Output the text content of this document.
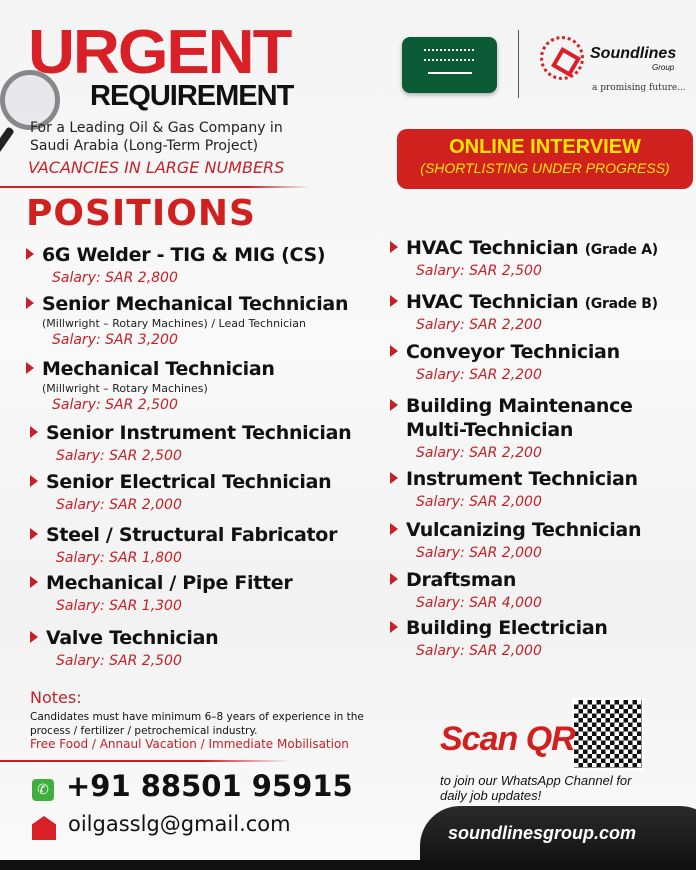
URGENT
REQUIREMENT
For a Leading Oil & Gas Company in Saudi Arabia (Long-Term Project)
VACANCIES IN LARGE NUMBERS
Soundlines
Group
a promising future...
ONLINE INTERVIEW
(SHORTLISTING UNDER PROGRESS)
POSITIONS
6G Welder - TIG & MIG (CS)
Salary: SAR 2,800
Senior Mechanical Technician
(Millwright – Rotary Machines) / Lead Technician
Salary: SAR 3,200
Mechanical Technician
(Millwright – Rotary Machines)
Salary: SAR 2,500
Senior Instrument Technician
Salary: SAR 2,500
Senior Electrical Technician
Salary: SAR 2,000
Steel / Structural Fabricator
Salary: SAR 1,800
Mechanical / Pipe Fitter
Salary: SAR 1,300
Valve Technician
Salary: SAR 2,500
HVAC Technician (Grade A)
Salary: SAR 2,500
HVAC Technician (Grade B)
Salary: SAR 2,200
Conveyor Technician
Salary: SAR 2,200
Building Maintenance Multi-Technician
Salary: SAR 2,200
Instrument Technician
Salary: SAR 2,000
Vulcanizing Technician
Salary: SAR 2,000
Draftsman
Salary: SAR 4,000
Building Electrician
Salary: SAR 2,000
Notes:
Candidates must have minimum 6–8 years of experience in the process / fertilizer / petrochemical industry.
Free Food / Annaul Vacation / Immediate Mobilisation
✆ +91 88501 95915
oilgasslg@gmail.com
Scan QR
to join our WhatsApp Channel for daily job updates!
soundlinesgroup.com
